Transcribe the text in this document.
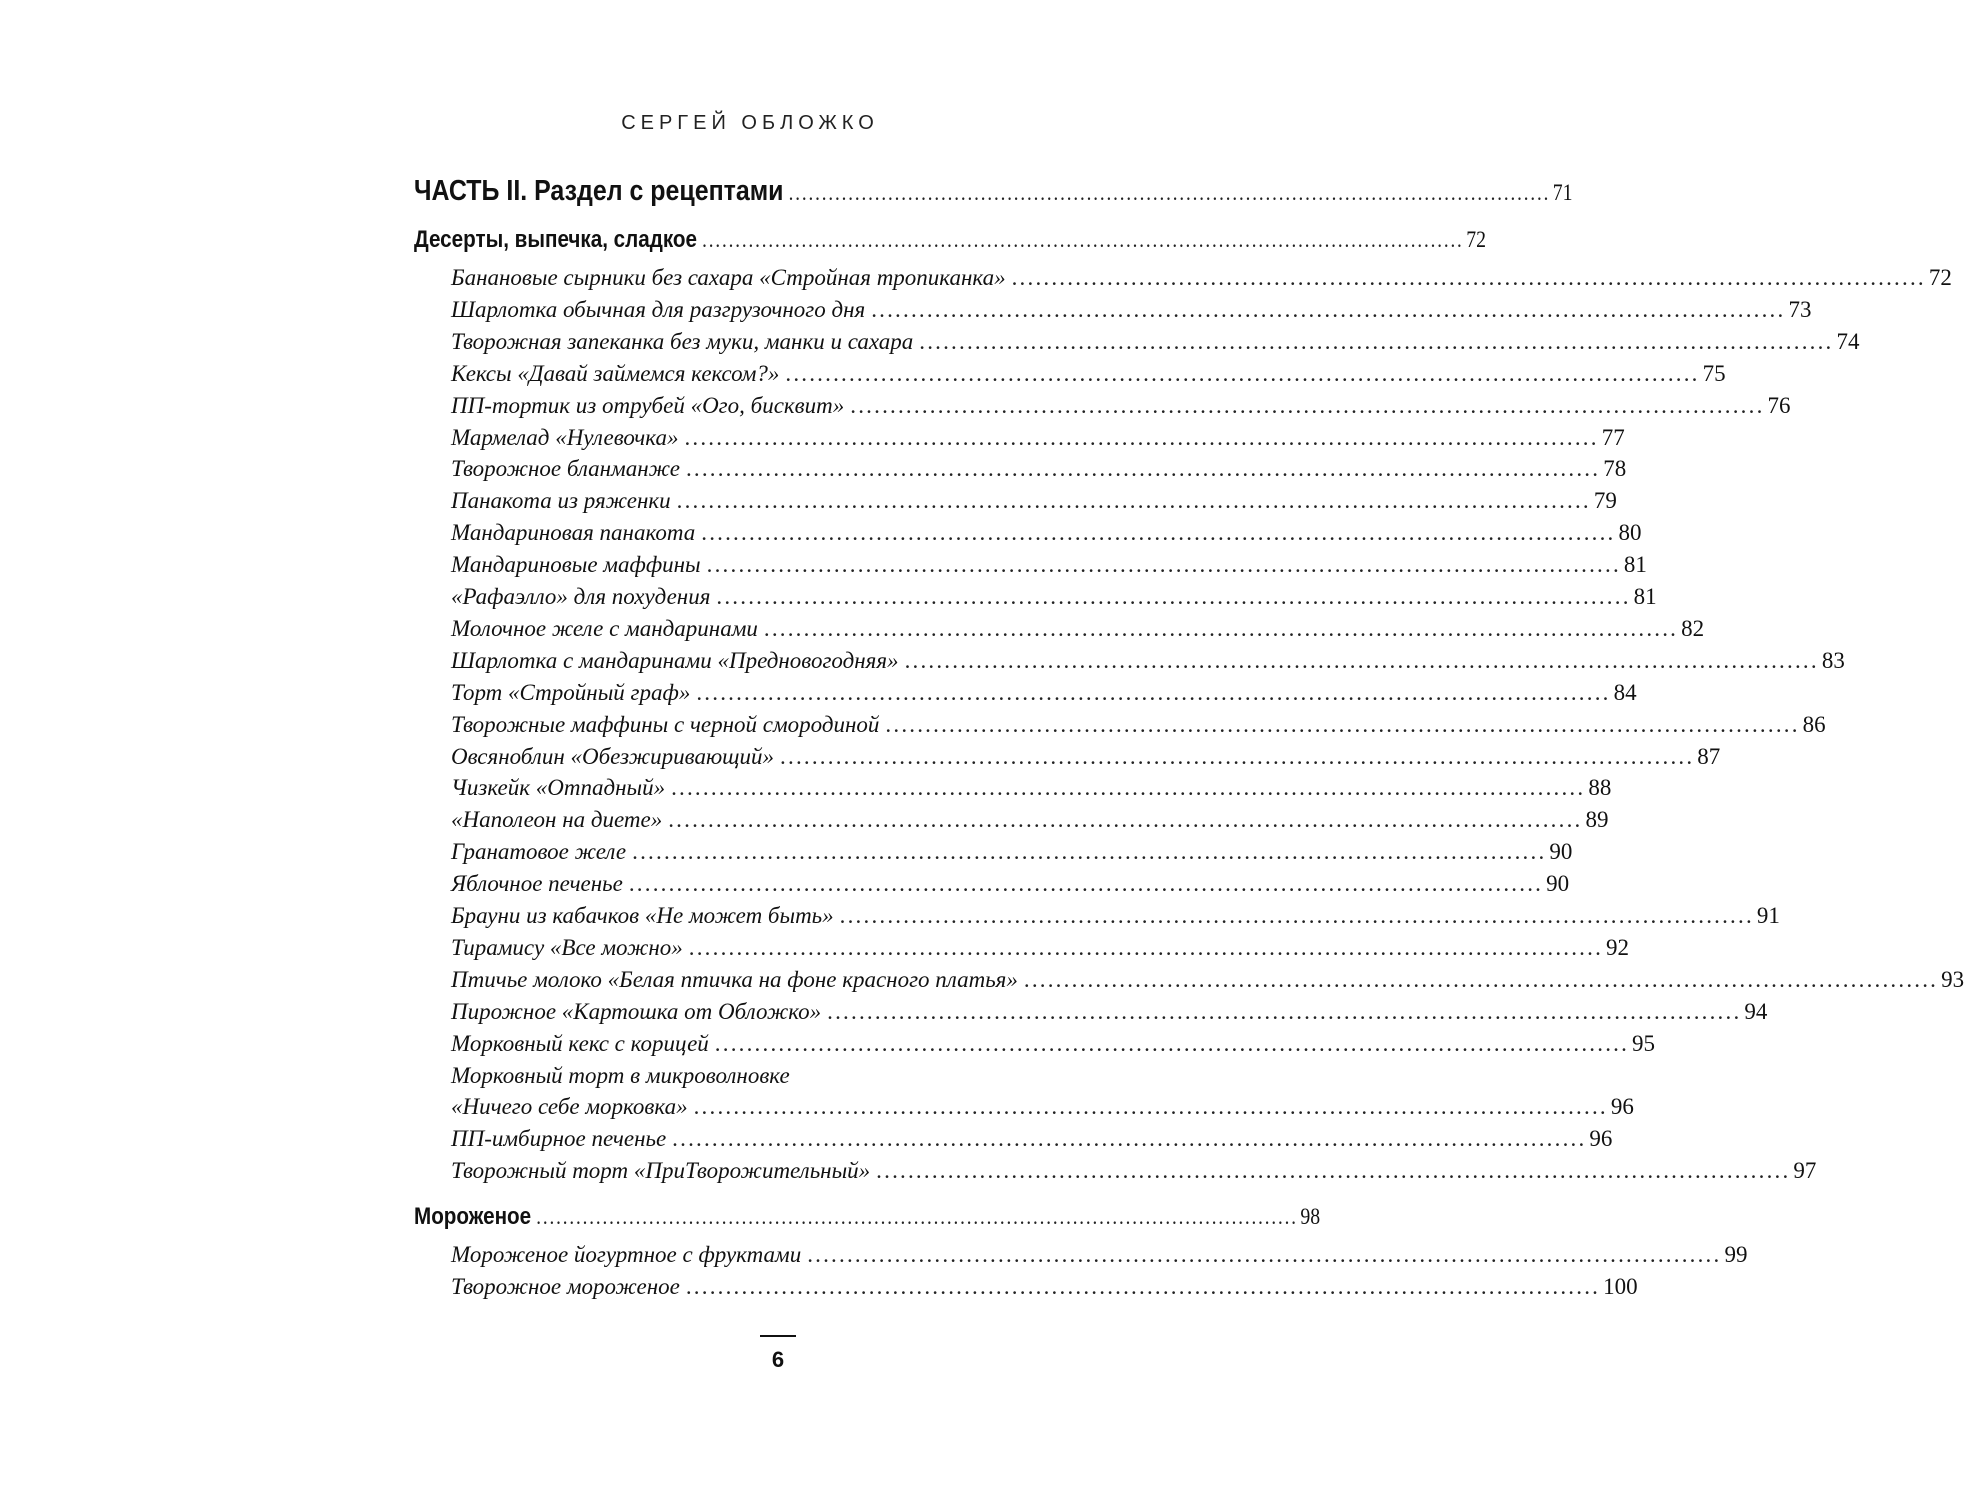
СЕРГЕЙ ОБЛОЖКО
ЧАСТЬ II. Раздел с рецептами ................................................................................................................... 71
Десерты, выпечка, сладкое ................................................................................................................... 72
Банановые сырники без сахара «Стройная тропиканка» ................................................................................................................... 72
Шарлотка обычная для разгрузочного дня ................................................................................................................... 73
Творожная запеканка без муки, манки и сахара ................................................................................................................... 74
Кексы «Давай займемся кексом?» ................................................................................................................... 75
ПП-тортик из отрубей «Ого, бисквит» ................................................................................................................... 76
Мармелад «Нулевочка» ................................................................................................................... 77
Творожное бланманже ................................................................................................................... 78
Панакота из ряженки ................................................................................................................... 79
Мандариновая панакота ................................................................................................................... 80
Мандариновые маффины ................................................................................................................... 81
«Рафаэлло» для похудения ................................................................................................................... 81
Молочное желе с мандаринами ................................................................................................................... 82
Шарлотка с мандаринами «Предновогодняя» ................................................................................................................... 83
Торт «Стройный граф» ................................................................................................................... 84
Творожные маффины с черной смородиной ................................................................................................................... 86
Овсяноблин «Обезжиривающий» ................................................................................................................... 87
Чизкейк «Отпадный» ................................................................................................................... 88
«Наполеон на диете» ................................................................................................................... 89
Гранатовое желе ................................................................................................................... 90
Яблочное печенье ................................................................................................................... 90
Брауни из кабачков «Не может быть» ................................................................................................................... 91
Тирамису «Все можно» ................................................................................................................... 92
Птичье молоко «Белая птичка на фоне красного платья» ................................................................................................................... 93
Пирожное «Картошка от Обложко» ................................................................................................................... 94
Морковный кекс с корицей ................................................................................................................... 95
Морковный торт в микроволновке
«Ничего себе морковка» ................................................................................................................... 96
ПП-имбирное печенье ................................................................................................................... 96
Творожный торт «ПриТворожительный» ................................................................................................................... 97
Мороженое ................................................................................................................... 98
Мороженое йогуртное с фруктами ................................................................................................................... 99
Творожное мороженое ................................................................................................................... 100
6
